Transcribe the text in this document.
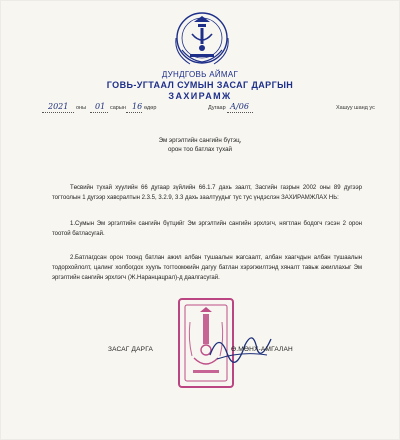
ДУНДГОВЬ АЙМАГ
ГОВЬ-УГТААЛ СУМЫН ЗАСАГ ДАРГЫН
ЗАХИРАМЖ
2021 оны 01 сарын 16 өдөр	Дугаар А/06	Хашуу шанд ус
Эм эргэлтийн сангийн бүтэц,
орон тоо батлах тухай

Төсвийн тухай хуулийн 66 дугаар зүйлийн 66.1.7 дахь заалт, Засгийн газрын 2002 оны 89 дугээр тогтоолын 1 дугээр хавсралтын 2.3.5, 3.2.9, 3.3 дахь заалтуудыг тус тус үндэслэн ЗАХИРАМЖЛАХ НЬ:

1.Сумын Эм эргэлтийн сангийн бүтцийг Эм эргэлтийн сангийн эрхлэгч, нягтлан бодогч гэсэн 2 орон тоотой батласугай.

2.Батлагдсан орон тоонд батлан ажил албан тушаалын жагсаалт, албан хаагчдын албан тушаалын тодорхойлолт, цалинг холбогдох хууль тогтоомжийн дагуу батлан хэрэгжилтэнд хяналт тавьж ажиллахыг Эм эргэлтийн сангийн эрхлэгч (Ж.Наранцацрал)-д даалгасугай.

ЗАСАГ ДАРГА	Ө.МӨНХ-АМГАЛАН
